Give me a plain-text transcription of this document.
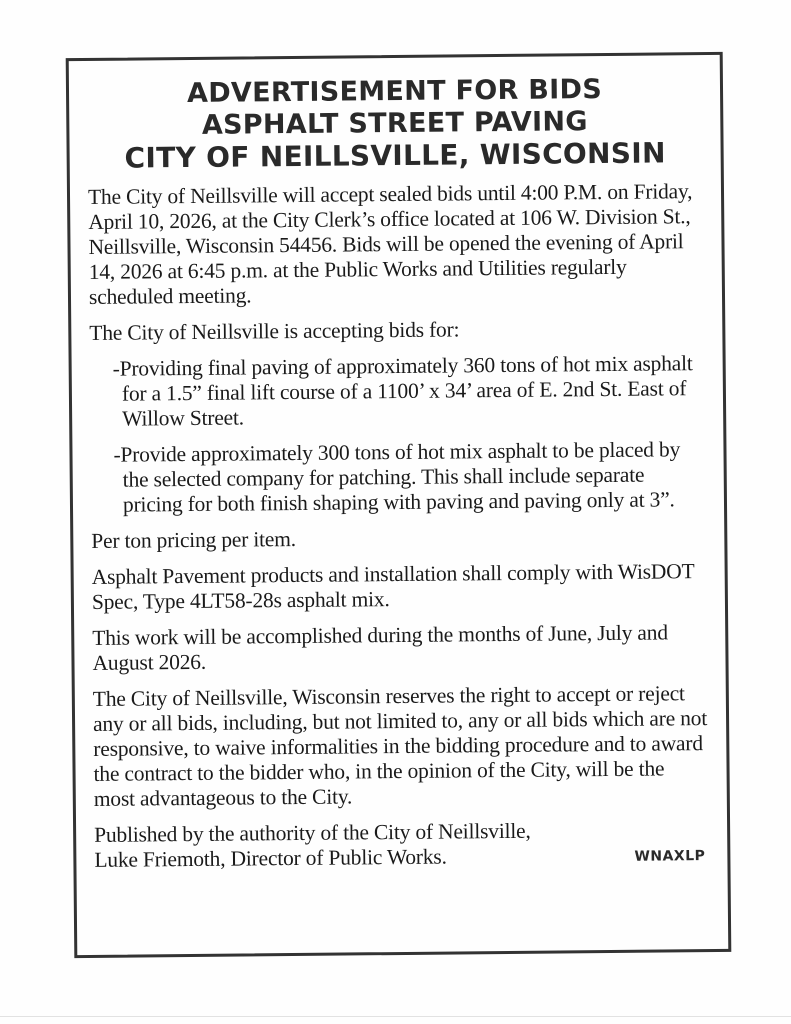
ADVERTISEMENT FOR BIDS
ASPHALT STREET PAVING
CITY OF NEILLSVILLE, WISCONSIN

The City of Neillsville will accept sealed bids until 4:00 P.M. on Friday, April 10, 2026, at the City Clerk’s office located at 106 W. Division St., Neillsville, Wisconsin 54456. Bids will be opened the evening of April 14, 2026 at 6:45 p.m. at the Public Works and Utilities regularly scheduled meeting.

The City of Neillsville is accepting bids for:

-Providing final paving of approximately 360 tons of hot mix asphalt for a 1.5” final lift course of a 1100’ x 34’ area of E. 2nd St. East of Willow Street.
-Provide approximately 300 tons of hot mix asphalt to be placed by the selected company for patching. This shall include separate pricing for both finish shaping with paving and paving only at 3”.

Per ton pricing per item.

Asphalt Pavement products and installation shall comply with WisDOT Spec, Type 4LT58-28s asphalt mix.

This work will be accomplished during the months of June, July and August 2026.

The City of Neillsville, Wisconsin reserves the right to accept or reject any or all bids, including, but not limited to, any or all bids which are not responsive, to waive informalities in the bidding procedure and to award the contract to the bidder who, in the opinion of the City, will be the most advantageous to the City.

Published by the authority of the City of Neillsville,

Luke Friemoth, Director of Public Works.	WNAXLP
